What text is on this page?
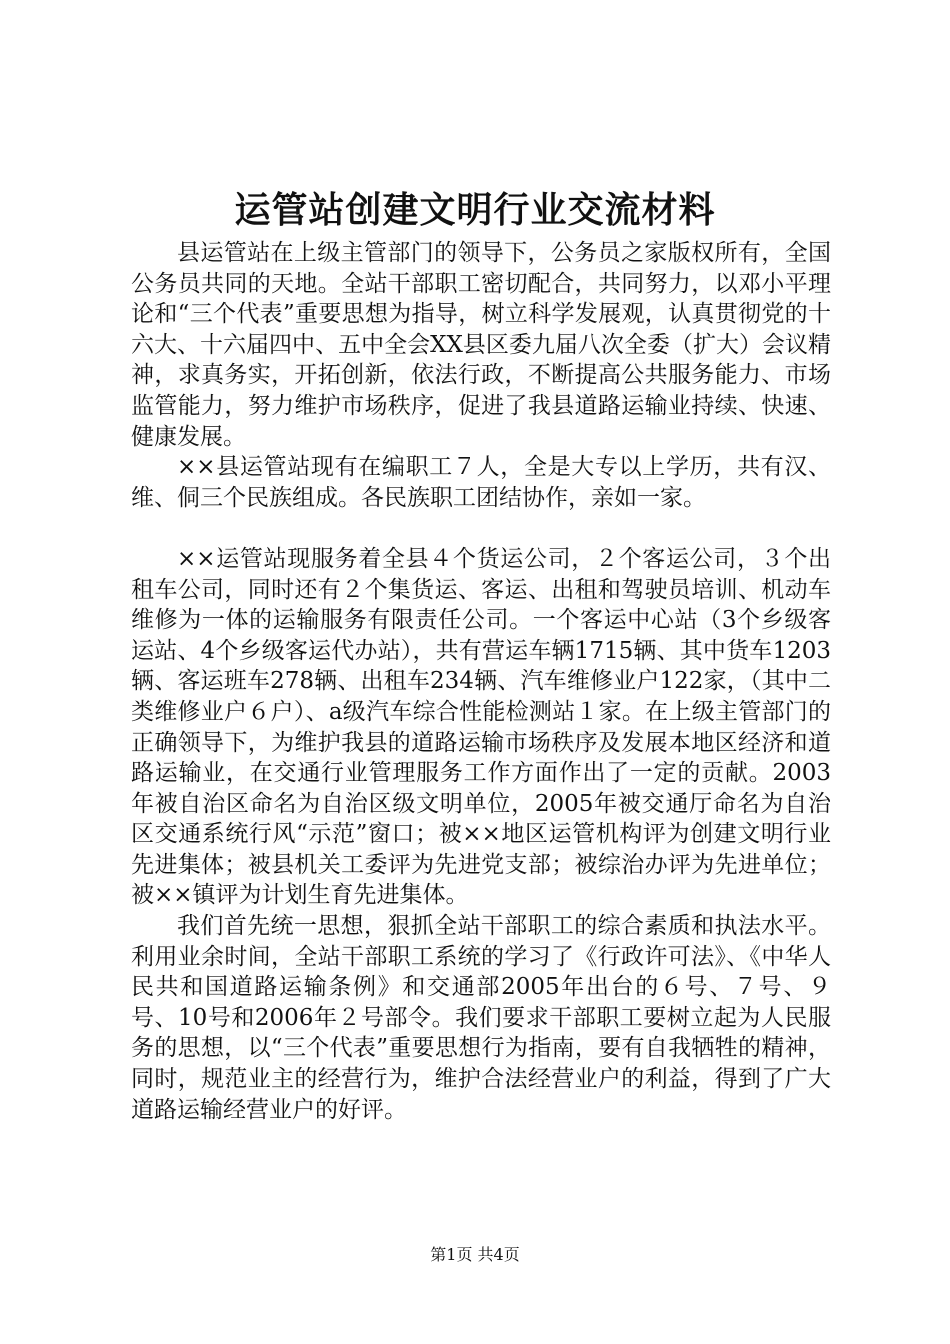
运管站创建文明行业交流材料

县运管站在上级主管部门的领导下，公务员之家版权所有，全国公务员共同的天地。全站干部职工密切配合，共同努力，以邓小平理论和“三个代表”重要思想为指导，树立科学发展观，认真贯彻党的十六大、十六届四中、五中全会XX县区委九届八次全委（扩大）会议精神，求真务实，开拓创新，依法行政，不断提高公共服务能力、市场监管能力，努力维护市场秩序，促进了我县道路运输业持续、快速、健康发展。

××县运管站现有在编职工７人，全是大专以上学历，共有汉、维、侗三个民族组成。各民族职工团结协作，亲如一家。

××运管站现服务着全县４个货运公司，２个客运公司，３个出租车公司，同时还有２个集货运、客运、出租和驾驶员培训、机动车维修为一体的运输服务有限责任公司。一个客运中心站（3个乡级客运站、4个乡级客运代办站），共有营运车辆1715辆、其中货车1203辆、客运班车278辆、出租车234辆、汽车维修业户122家，（其中二类维修业户６户）、a级汽车综合性能检测站１家。在上级主管部门的正确领导下，为维护我县的道路运输市场秩序及发展本地区经济和道路运输业，在交通行业管理服务工作方面作出了一定的贡献。2003年被自治区命名为自治区级文明单位，2005年被交通厅命名为自治区交通系统行风“示范”窗口；被××地区运管机构评为创建文明行业先进集体；被县机关工委评为先进党支部；被综治办评为先进单位；被××镇评为计划生育先进集体。

我们首先统一思想，狠抓全站干部职工的综合素质和执法水平。利用业余时间，全站干部职工系统的学习了《行政许可法》、《中华人民共和国道路运输条例》和交通部2005年出台的６号、７号、９号、10号和2006年２号部令。我们要求干部职工要树立起为人民服务的思想，以“三个代表”重要思想行为指南，要有自我牺牲的精神，同时，规范业主的经营行为，维护合法经营业户的利益，得到了广大道路运输经营业户的好评。

第1页 共4页
